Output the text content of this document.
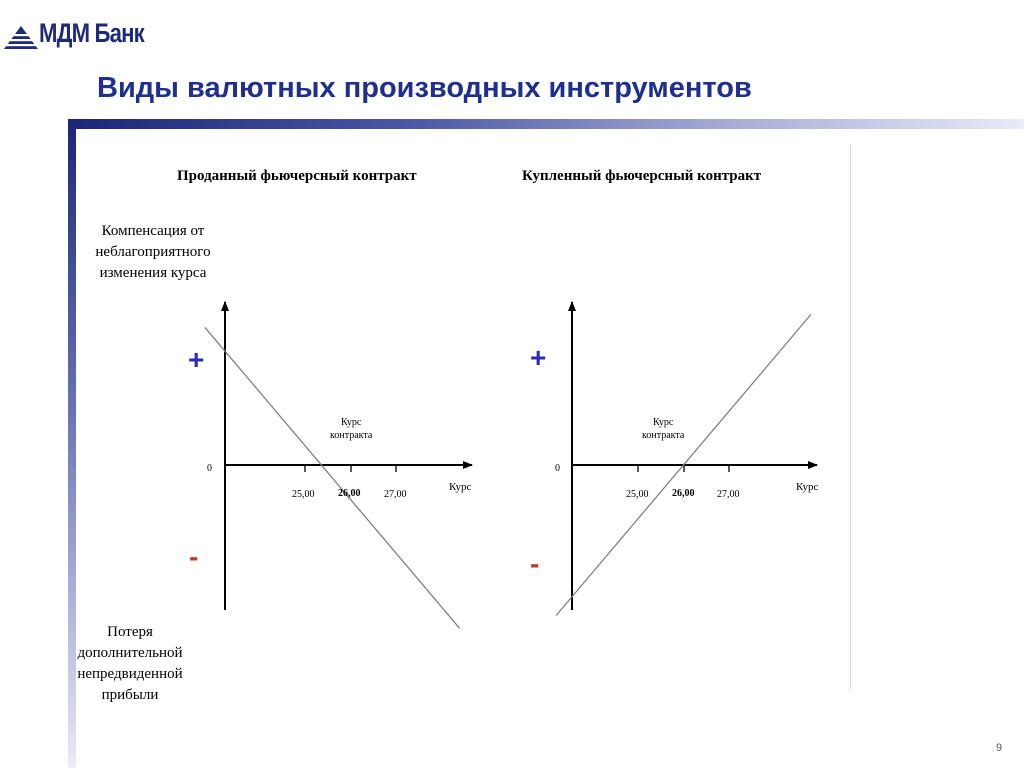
МДМ Банк
Виды валютных производных инструментов
Проданный фьючерсный контракт	Купленный фьючерсный контракт
Компенсация от
неблагоприятного
изменения курса
Потеря
дополнительной
непредвиденной
прибыли
+
-
+
-
0
Курс
контракта
25,00 26,00 27,00
Курс
0
Курс
контракта
25,00 26,00 27,00
Курс
9
